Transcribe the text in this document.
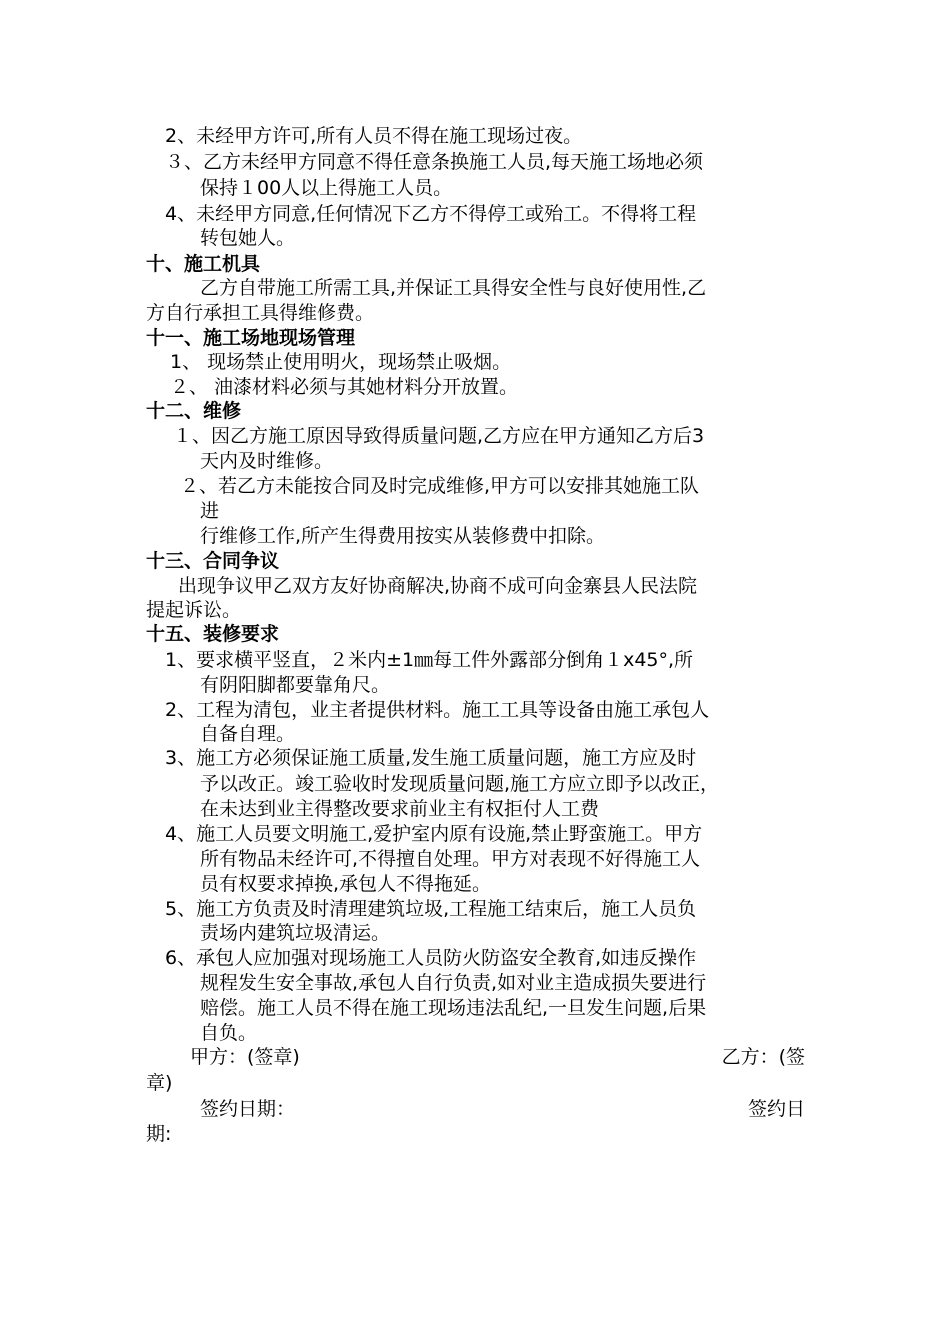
2、未经甲方许可,所有人员不得在施工现场过夜。
３、乙方未经甲方同意不得任意条换施工人员,每天施工场地必须
保持１00人以上得施工人员。
4、未经甲方同意,任何情况下乙方不得停工或殆工。不得将工程
转包她人。
十、施工机具
乙方自带施工所需工具,并保证工具得安全性与良好使用性,乙
方自行承担工具得维修费。
十一、施工场地现场管理
1、 现场禁止使用明火，现场禁止吸烟。
２、 油漆材料必须与其她材料分开放置。
十二、维修
１、因乙方施工原因导致得质量问题,乙方应在甲方通知乙方后3
天内及时维修。
２、若乙方未能按合同及时完成维修,甲方可以安排其她施工队
进
行维修工作,所产生得费用按实从装修费中扣除。
十三、合同争议
出现争议甲乙双方友好协商解决,协商不成可向金寨县人民法院
提起诉讼。
十五、装修要求
1、要求横平竖直，２米内±1㎜每工件外露部分倒角１x45°,所
有阴阳脚都要靠角尺。
2、工程为清包，业主者提供材料。施工工具等设备由施工承包人
自备自理。
3、施工方必须保证施工质量,发生施工质量问题，施工方应及时
予以改正。竣工验收时发现质量问题,施工方应立即予以改正，
在未达到业主得整改要求前业主有权拒付人工费
4、施工人员要文明施工,爱护室内原有设施,禁止野蛮施工。甲方
所有物品未经许可,不得擅自处理。甲方对表现不好得施工人
员有权要求掉换,承包人不得拖延。
5、施工方负责及时清理建筑垃圾,工程施工结束后，施工人员负
责场内建筑垃圾清运。
6、承包人应加强对现场施工人员防火防盗安全教育,如违反操作
规程发生安全事故,承包人自行负责,如对业主造成损失要进行
赔偿。施工人员不得在施工现场违法乱纪,一旦发生问题,后果
自负。
甲方：(签章)	乙方：(签
章)
签约日期：	签约日
期:
